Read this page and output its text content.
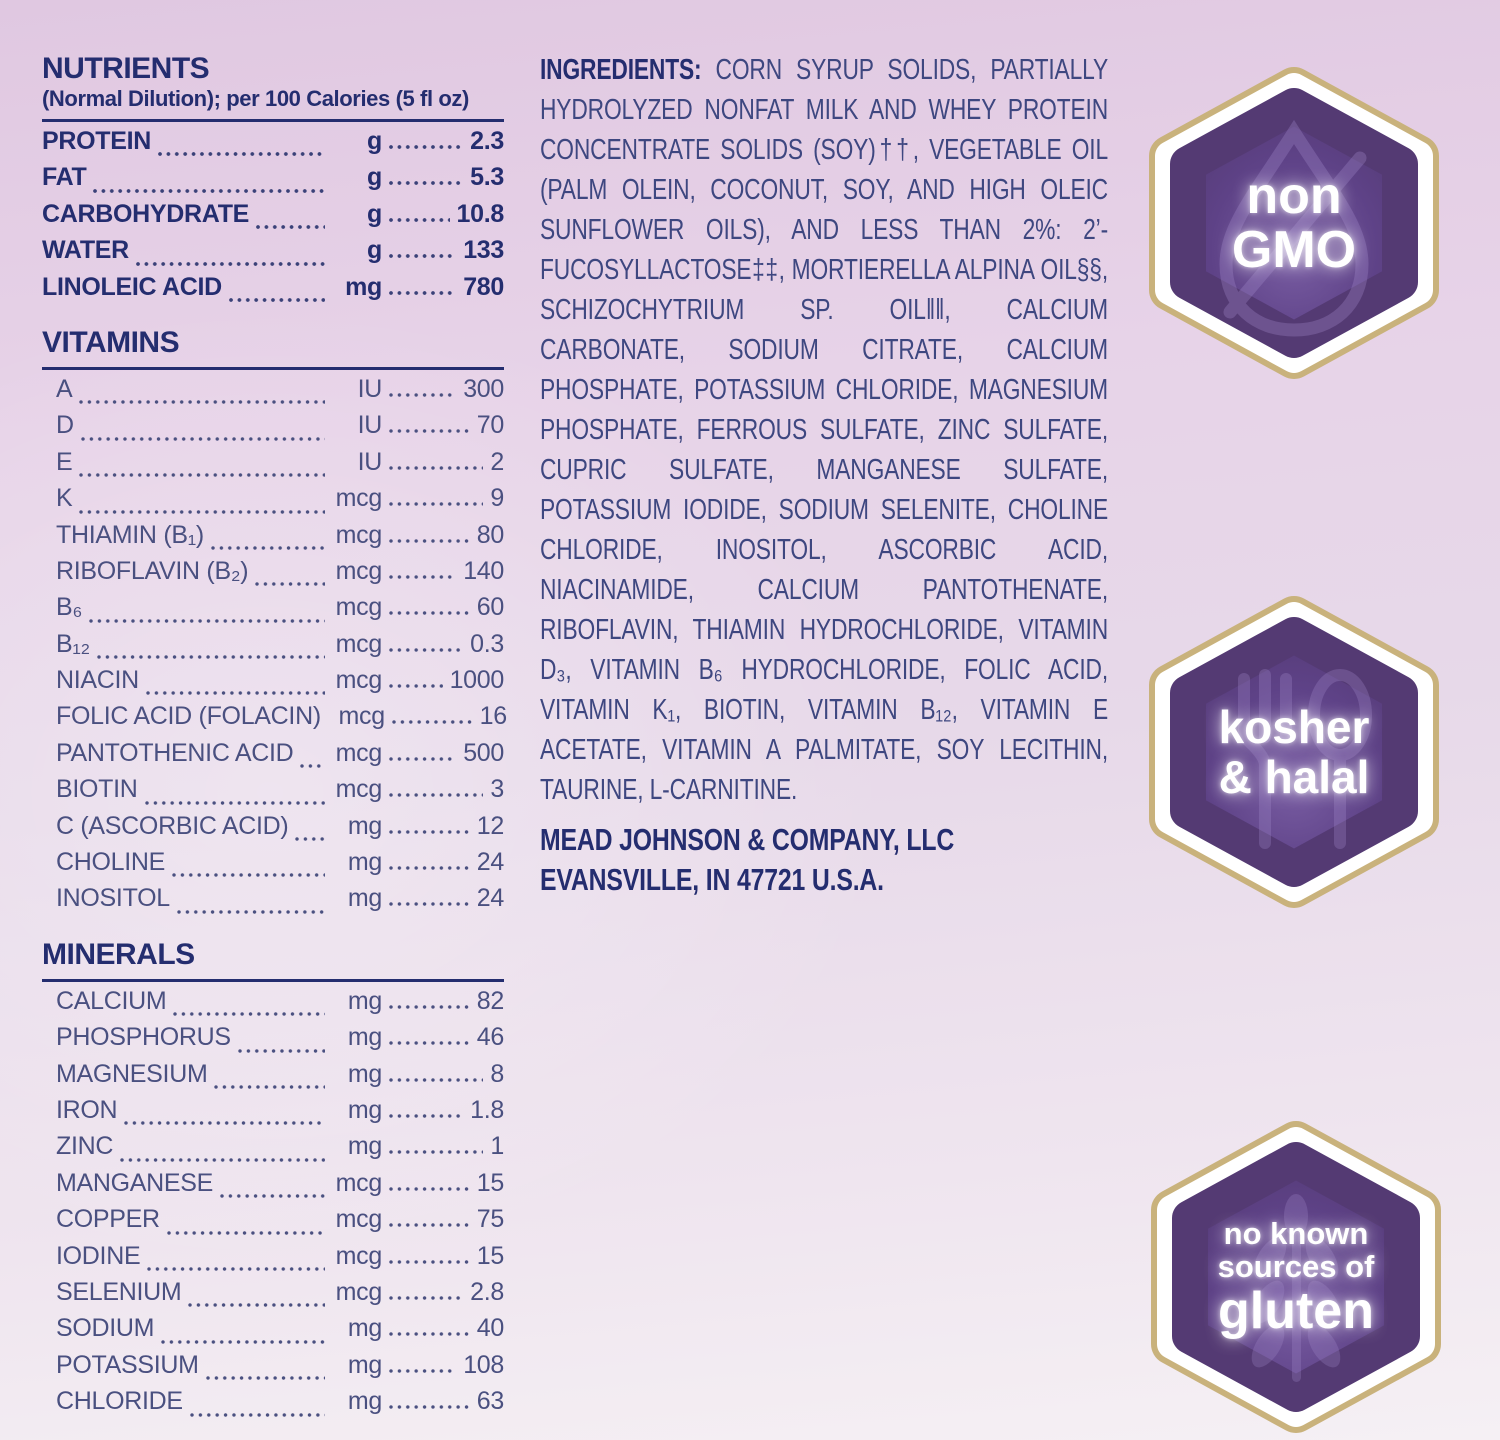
NUTRIENTS
(Normal Dilution); per 100 Calories (5 fl oz)
PROTEIN	g	2.3
FAT	g	5.3
CARBOHYDRATE	g	10.8
WATER	g	133
LINOLEIC ACID	mg	780
VITAMINS
A	IU	300
D	IU	70
E	IU	2
K	mcg	9
THIAMIN (B₁)	mcg	80
RIBOFLAVIN (B₂)	mcg	140
B₆	mcg	60
B₁₂	mcg	0.3
NIACIN	mcg	1000
FOLIC ACID (FOLACIN) mcg	16
PANTOTHENIC ACID mcg	500
BIOTIN	mcg	3
C (ASCORBIC ACID)	mg	12
CHOLINE	mg	24
INOSITOL	mg	24
MINERALS
CALCIUM	mg	82
PHOSPHORUS	mg	46
MAGNESIUM	mg	8
IRON	mg	1.8
ZINC	mg	1
MANGANESE	mcg	15
COPPER	mcg	75
IODINE	mcg	15
SELENIUM	mcg	2.8
SODIUM	mg	40
POTASSIUM	mg	108
CHLORIDE	mg	63

INGREDIENTS: CORN SYRUP SOLIDS, PARTIALLY HYDROLYZED NONFAT MILK AND WHEY PROTEIN CONCENTRATE SOLIDS (SOY)††, VEGETABLE OIL (PALM OLEIN, COCONUT, SOY, AND HIGH OLEIC SUNFLOWER OILS), AND LESS THAN 2%: 2’-FUCOSYLLACTOSE‡‡, MORTIERELLA ALPINA OIL§§, SCHIZOCHYTRIUM SP. OIL‖‖, CALCIUM CARBONATE, SODIUM CITRATE, CALCIUM PHOSPHATE, POTASSIUM CHLORIDE, MAGNESIUM PHOSPHATE, FERROUS SULFATE, ZINC SULFATE, CUPRIC SULFATE, MANGANESE SULFATE, POTASSIUM IODIDE, SODIUM SELENITE, CHOLINE CHLORIDE, INOSITOL, ASCORBIC ACID, NIACINAMIDE, CALCIUM PANTOTHENATE, RIBOFLAVIN, THIAMIN HYDROCHLORIDE, VITAMIN D₃, VITAMIN B₆ HYDROCHLORIDE, FOLIC ACID, VITAMIN K₁, BIOTIN, VITAMIN B₁₂, VITAMIN E ACETATE, VITAMIN A PALMITATE, SOY LECITHIN, TAURINE, L-CARNITINE.

MEAD JOHNSON & COMPANY, LLC
EVANSVILLE, IN 47721 U.S.A.
non
GMO
kosher
& halal
no known
sources of
gluten
